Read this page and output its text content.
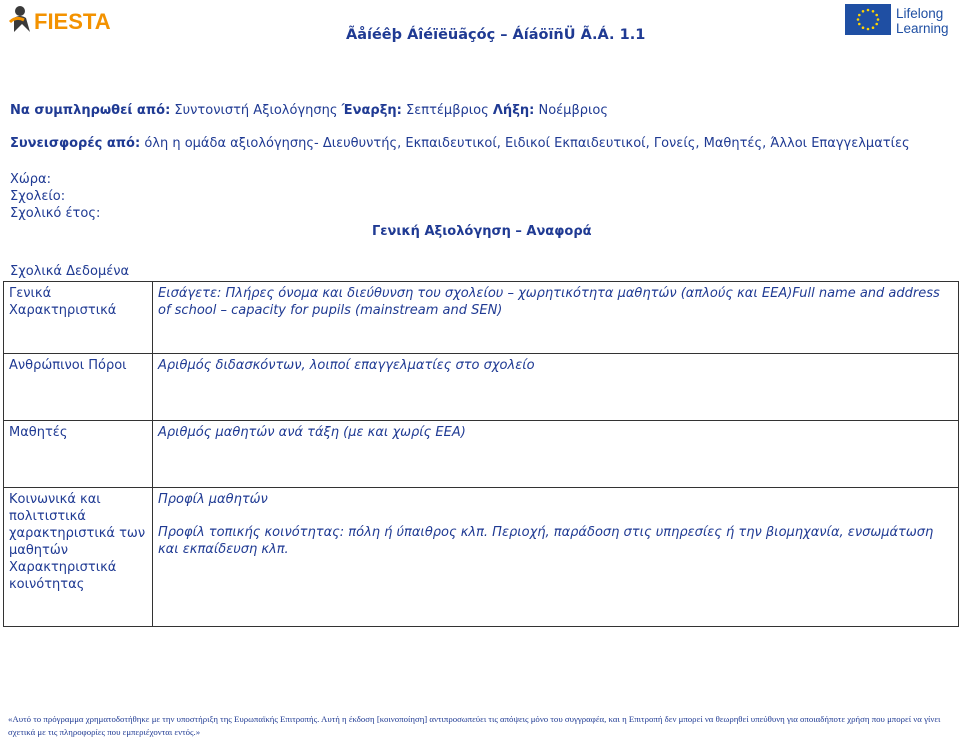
FIESTA
Ãåíéêþ Áîéïëüãçóç – ÁíáöïñÜ Ã.Á. 1.1
Lifelong
Learning
Να συμπληρωθεί από: Συντονιστή Αξιολόγησης Έναρξη: Σεπτέμβριος Λήξη: Νοέμβριος
Συνεισφορές από: όλη η ομάδα αξιολόγησης- Διευθυντής, Εκπαιδευτικοί, Ειδικοί Εκπαιδευτικοί, Γονείς, Μαθητές, Άλλοι Επαγγελματίες
Χώρα:
Σχολείο:
Σχολικό έτος:
Γενική Αξιολόγηση – Αναφορά
Σχολικά Δεδομένα
Γενικά Χαρακτηριστικά	Εισάγετε: Πλήρες όνομα και διεύθυνση του σχολείου – χωρητικότητα μαθητών (απλούς και ΕΕΑ)Full name and address of school – capacity for pupils (mainstream and SEN)
Ανθρώπινοι Πόροι	Αριθμός διδασκόντων, λοιποί επαγγελματίες στο σχολείο
Μαθητές	Αριθμός μαθητών ανά τάξη (με και χωρίς ΕΕΑ)
Κοινωνικά και πολιτιστικά χαρακτηριστικά των μαθητών Χαρακτηριστικά κοινότητας	Προφίλ μαθητών
Προφίλ τοπικής κοινότητας: πόλη ή ύπαιθρος κλπ. Περιοχή, παράδοση στις υπηρεσίες ή την βιομηχανία, ενσωμάτωση και εκπαίδευση κλπ.
«Αυτό το πρόγραμμα χρηματοδοτήθηκε με την υποστήριξη της Ευρωπαϊκής Επιτροπής. Αυτή η έκδοση [κοινοποίηση] αντιπροσωπεύει τις απόψεις μόνο του συγγραφέα, και η Επιτροπή δεν μπορεί να θεωρηθεί υπεύθυνη για οποιαδήποτε χρήση που μπορεί να γίνει σχετικά με τις πληροφορίες που εμπεριέχονται εντός.»
